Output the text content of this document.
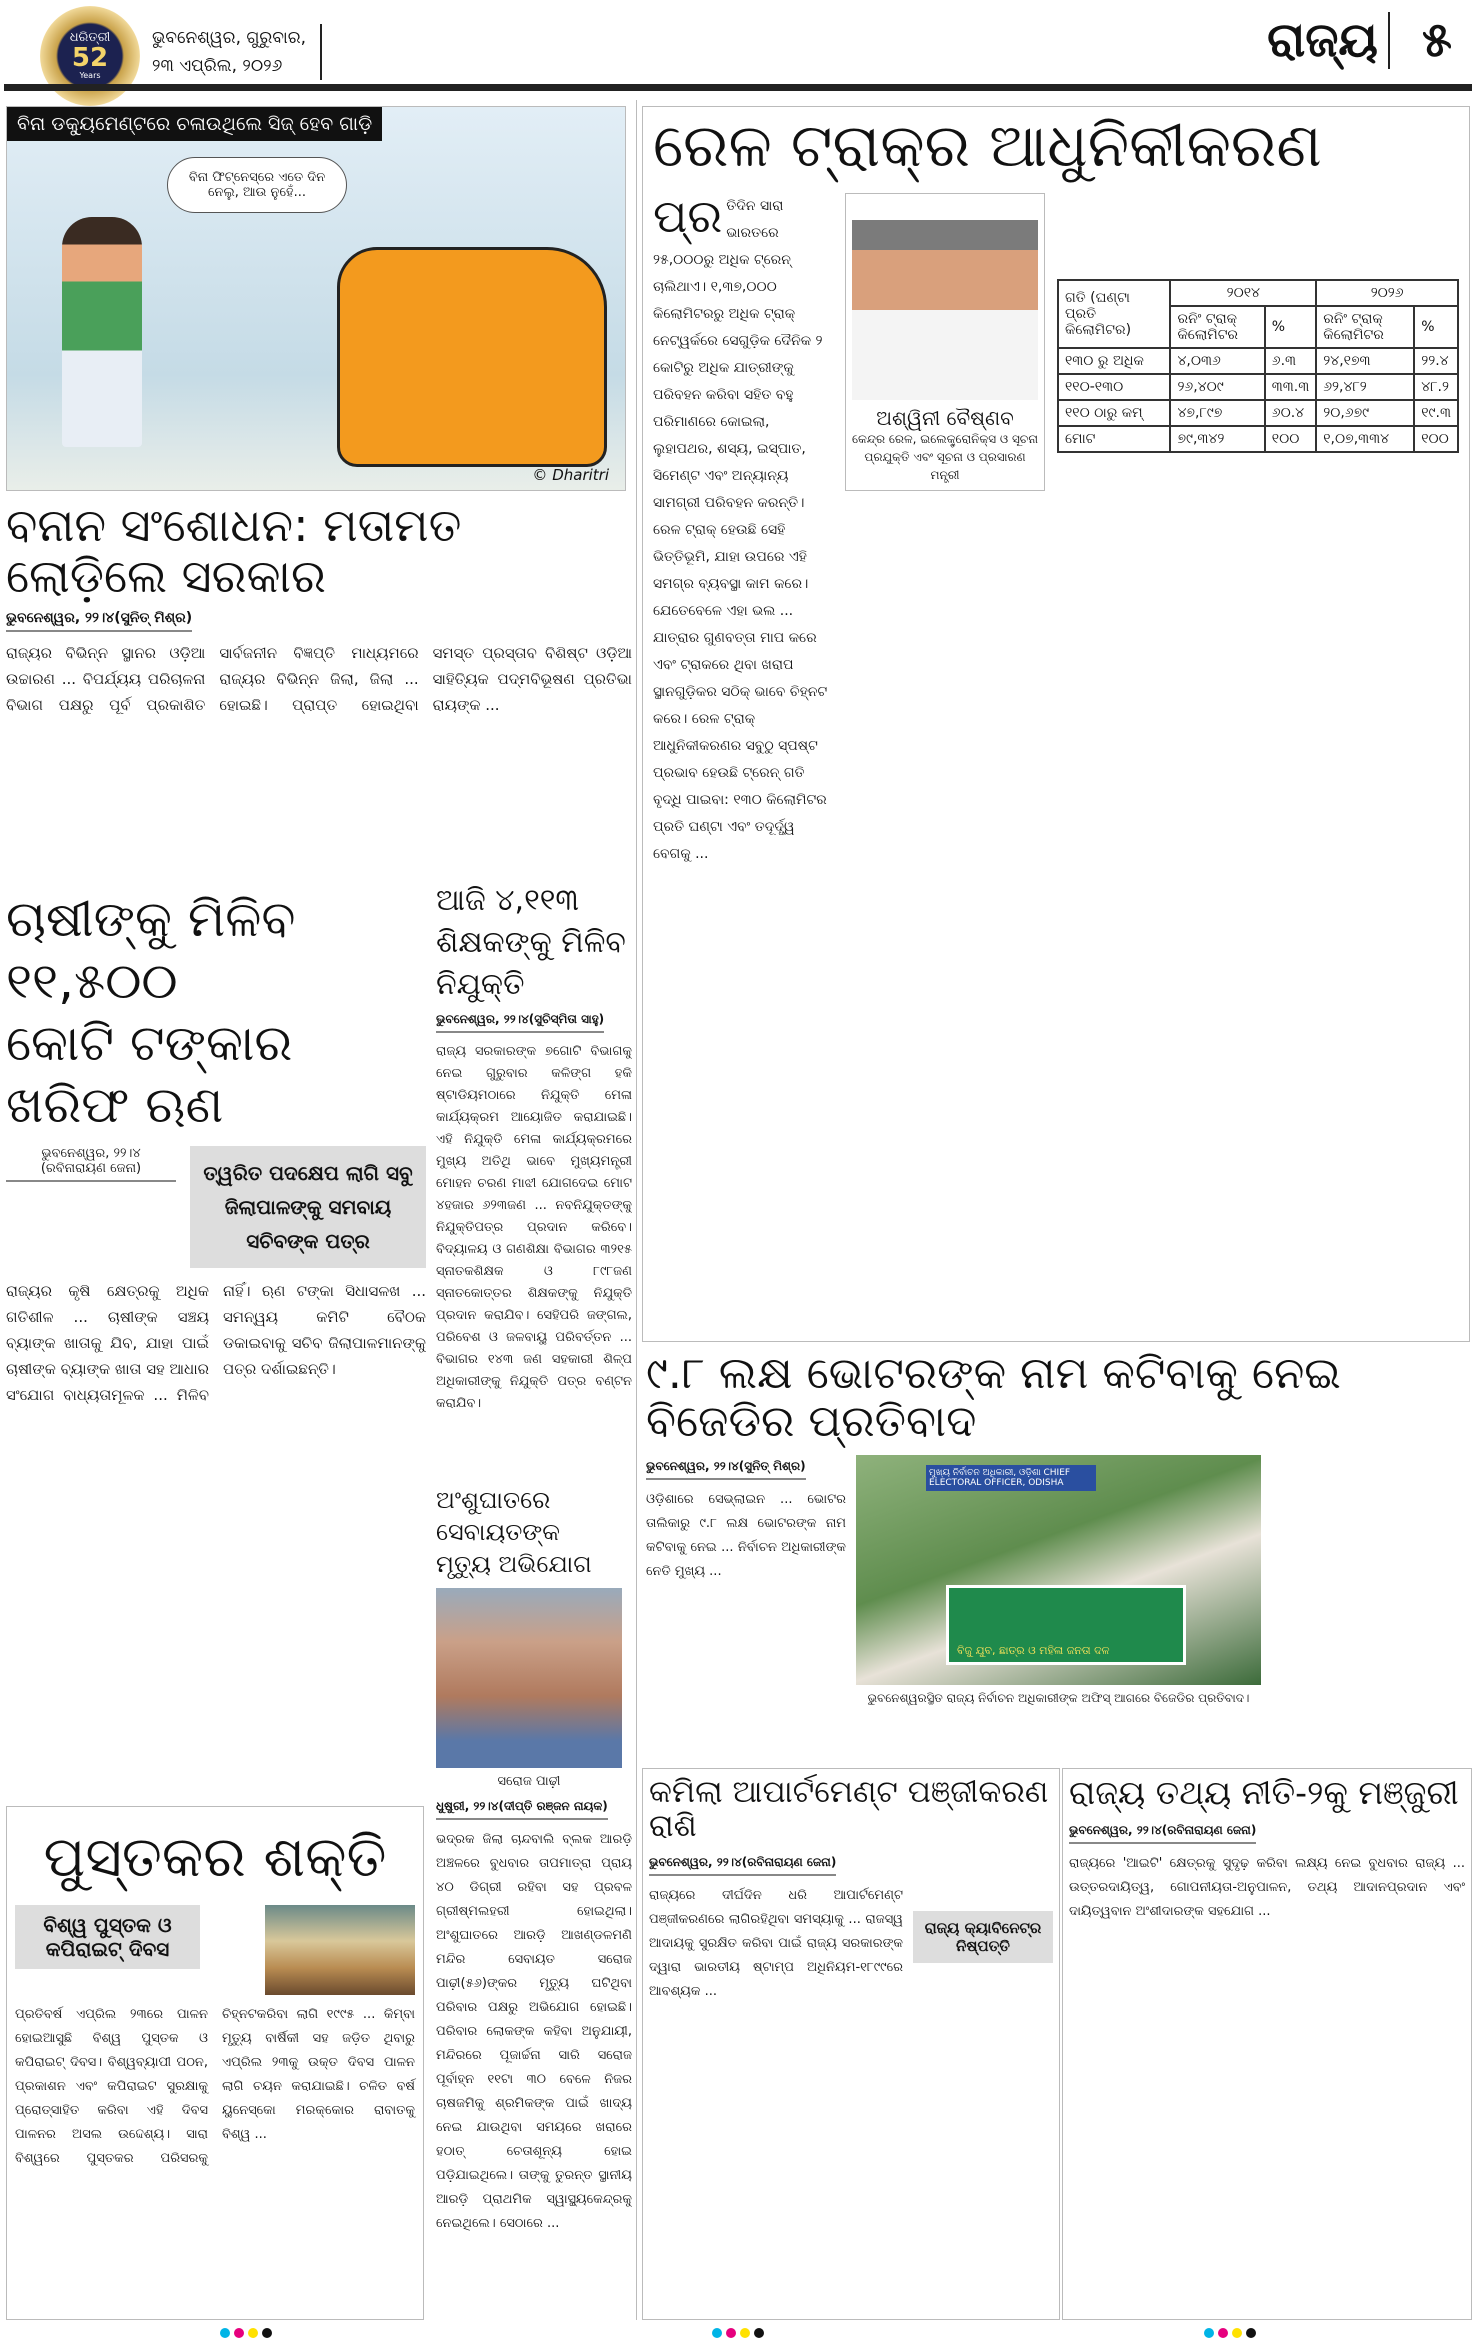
ଧରିତ୍ରୀ
52
Years
ଭୁବନେଶ୍ୱର, ଗୁରୁବାର,
୨୩ ଏପ୍ରିଲ, ୨୦୨୬	ରାଜ୍ୟ ୫
ବିନା ଡକ୍ୟୁମେଣ୍ଟରେ ଚଳାଉଥିଲେ ସିଜ୍ ହେବ ଗାଡ଼ି
ବିନା ଫିଟ୍‌ନେସ୍‌ରେ ଏତେ ଦିନ ନେଲୁ, ଆଉ ନୁହେଁ...
© Dharitri
ବନାନ ସଂଶୋଧନ: ମତାମତ ଲୋଡ଼ିଲେ ସରକାର
ଭୁବନେଶ୍ୱର, ୨୨।୪(ସୁନିତ୍ ମିଶ୍ର)
ରାଜ୍ୟର ବିଭିନ୍ନ ସ୍ଥାନର ଓଡ଼ିଆ ଉଚ୍ଚାରଣ ... ବିପର୍ଯ୍ୟୟ ପରିଚାଳନା ବିଭାଗ ପକ୍ଷରୁ ପୂର୍ବ ପ୍ରକାଶିତ ସାର୍ବଜନୀନ ବିଜ୍ଞପ୍ତି ମାଧ୍ୟମରେ ରାଜ୍ୟର ବିଭିନ୍ନ ଜିଲା, ଜିଲା ... ହୋଇଛି। ପ୍ରାପ୍ତ ହୋଇଥିବା ସମସ୍ତ ପ୍ରସ୍ତାବ ବିଶିଷ୍ଟ ଓଡ଼ିଆ ସାହିତ୍ୟିକ ପଦ୍ମବିଭୂଷଣ ପ୍ରତିଭା ରାୟଙ୍କ ...
ଚାଷୀଙ୍କୁ ମିଳିବ ୧୧,୫୦୦
କୋଟି ଟଙ୍କାର ଖରିଫ ଋଣ
ଭୁବନେଶ୍ୱର, ୨୨।୪
(ରବିନାରାୟଣ ଜେନା)	ତ୍ୱରିତ ପଦକ୍ଷେପ ଲାଗି ସବୁ ଜିଲାପାଳଙ୍କୁ ସମବାୟ ସଚିବଙ୍କ ପତ୍ର
ରାଜ୍ୟର କୃଷି କ୍ଷେତ୍ରକୁ ଅଧିକ ଗତିଶୀଳ ... ଚାଷୀଙ୍କ ସଞ୍ଚୟ ବ୍ୟାଙ୍କ ଖାତାକୁ ଯିବ, ଯାହା ପାଇଁ ଚାଷୀଙ୍କ ବ୍ୟାଙ୍କ ଖାତା ସହ ଆଧାର ସଂଯୋଗ ବାଧ୍ୟତାମୂଳକ ... ମିଳିବ ନାହିଁ। ଋଣ ଟଙ୍କା ସିଧାସଳଖ ... ସମନ୍ୱୟ କମିଟି ବୈଠକ ଡକାଇବାକୁ ସଚିବ ଜିଲାପାଳମାନଙ୍କୁ ପତ୍ର ଦର୍ଶାଇଛନ୍ତି।
ଆଜି ୪,୧୧୩
ଶିକ୍ଷକଙ୍କୁ ମିଳିବ ନିଯୁକ୍ତି
ଭୁବନେଶ୍ୱର, ୨୨।୪(ସୁଚିସ୍ମିତା ସାହୁ)
ରାଜ୍ୟ ସରକାରଙ୍କ ୭ଗୋଟି ବିଭାଗକୁ ନେଇ ଗୁରୁବାର କଳିଙ୍ଗ ହକି ଷ୍ଟାଡିୟମଠାରେ ନିଯୁକ୍ତି ମେଳା କାର୍ଯ୍ୟକ୍ରମ ଆୟୋଜିତ କରାଯାଇଛି। ଏହି ନିଯୁକ୍ତି ମେଳା କାର୍ଯ୍ୟକ୍ରମରେ ମୁଖ୍ୟ ଅତିଥି ଭାବେ ମୁଖ୍ୟମନ୍ତ୍ରୀ ମୋହନ ଚରଣ ମାଝୀ ଯୋଗଦେଇ ମୋଟ ୪ହଜାର ୬୨୩ଜଣ ... ନବନିଯୁକ୍ତଙ୍କୁ ନିଯୁକ୍ତିପତ୍ର ପ୍ରଦାନ କରିବେ। ବିଦ୍ୟାଳୟ ଓ ଗଣଶିକ୍ଷା ବିଭାଗର ୩୨୧୫ ସ୍ନାତକଶିକ୍ଷକ ଓ ୮୯୮ଜଣ ସ୍ନାତକୋତ୍ତର ଶିକ୍ଷକଙ୍କୁ ନିଯୁକ୍ତି ପ୍ରଦାନ କରାଯିବ। ସେହିପରି ଜଙ୍ଗଲ, ପରିବେଶ ଓ ଜଳବାୟୁ ପରିବର୍ତ୍ତନ ... ବିଭାଗର ୧୪୩ ଜଣ ସହକାରୀ ଶିଳ୍ପ ଅଧିକାରୀଙ୍କୁ ନିଯୁକ୍ତି ପତ୍ର ବଣ୍ଟନ କରାଯିବ।
ଅଂଶୁଘାତରେ ସେବାୟତଙ୍କ
ମୃତ୍ୟୁ ଅଭିଯୋଗ
ସରୋଜ ପାଢ଼ୀ
ଧୁଷୁରୀ, ୨୨।୪(ଦୀପ୍ତି ରଞ୍ଜନ ନାୟକ)
ଭଦ୍ରକ ଜିଲା ଚାନ୍ଦବାଲି ବ୍ଲକ ଆରଡ଼ି ଅଞ୍ଚଳରେ ବୁଧବାର ତାପମାତ୍ରା ପ୍ରାୟ ୪୦ ଡିଗ୍ରୀ ରହିବା ସହ ପ୍ରବଳ ଗ୍ରୀଷ୍ମଲହରୀ ହୋଇଥିଲା। ଅଂଶୁଘାତରେ ଆରଡ଼ି ଆଖଣ୍ଡଳମଣି ମନ୍ଦିର ସେବାୟତ ସରୋଜ ପାଢ଼ୀ(୫୬)ଙ୍କର ମୃତ୍ୟୁ ଘଟିଥିବା ପରିବାର ପକ୍ଷରୁ ଅଭିଯୋଗ ହୋଇଛି। ପରିବାର ଲୋକଙ୍କ କହିବା ଅନୁଯାୟୀ, ମନ୍ଦିରରେ ପୂଜାର୍ଚ୍ଚନା ସାରି ସରୋଜ ପୂର୍ବାହ୍ନ ୧୧ଟା ୩୦ ବେଳେ ନିଜର ଚାଷଜମିକୁ ଶ୍ରମିକଙ୍କ ପାଇଁ ଖାଦ୍ୟ ନେଇ ଯାଉଥିବା ସମୟରେ ଖରାରେ ହଠାତ୍ ଚେତାଶୂନ୍ୟ ହୋଇ ପଡ଼ିଯାଇଥିଲେ। ତାଙ୍କୁ ତୁରନ୍ତ ସ୍ଥାନୀୟ ଆରଡ଼ି ପ୍ରାଥମିକ ସ୍ୱାସ୍ଥ୍ୟକେନ୍ଦ୍ରକୁ ନେଇଥିଲେ। ସେଠାରେ ...
ପୁସ୍ତକର ଶକ୍ତି
ବିଶ୍ୱ ପୁସ୍ତକ ଓ କପିରାଇଟ୍ ଦିବସ
ପ୍ରତିବର୍ଷ ଏପ୍ରିଲ ୨୩ରେ ପାଳନ ହୋଇଆସୁଛି ବିଶ୍ୱ ପୁସ୍ତକ ଓ କପିରାଇଟ୍ ଦିବସ। ବିଶ୍ୱବ୍ୟାପୀ ପଠନ, ପ୍ରକାଶନ ଏବଂ କପିରାଇଟ ସୁରକ୍ଷାକୁ ପ୍ରୋତ୍ସାହିତ କରିବା ଏହି ଦିବସ ପାଳନର ଅସଲ ଉଦ୍ଦେଶ୍ୟ। ସାରା ବିଶ୍ୱରେ ପୁସ୍ତକର ପରିସରକୁ ଚିହ୍ନଟକରିବା ଲାଗି ୧୯୯୫ ... କିମ୍ବା ମୃତ୍ୟୁ ବାର୍ଷିକୀ ସହ ଜଡ଼ିତ ଥିବାରୁ ଏପ୍ରିଲ ୨୩କୁ ଉକ୍ତ ଦିବସ ପାଳନ ଲାଗି ଚୟନ କରାଯାଇଛି। ଚଳିତ ବର୍ଷ ୟୁନେସ୍କୋ ମରକ୍କୋର ରାବାତକୁ ବିଶ୍ୱ ...
ରେଳ ଟ୍ରାକ୍‌ର ଆଧୁନିକୀକରଣ
ପ୍ର ତିଦିନ ସାରା ଭାରତରେ ୨୫,୦୦୦ରୁ ଅଧିକ ଟ୍ରେନ୍ ଚାଲିଥାଏ। ୧,୩୭,୦୦୦ କିଲୋମିଟରରୁ ଅଧିକ ଟ୍ରାକ୍ ନେଟ୍‌ୱର୍କରେ ସେଗୁଡ଼ିକ ଦୈନିକ ୨ କୋଟିରୁ ଅଧିକ ଯାତ୍ରୀଙ୍କୁ ପରିବହନ କରିବା ସହିତ ବହୁ ପରିମାଣରେ କୋଇଲା, ଲୁହାପଥର, ଶସ୍ୟ, ଇସ୍ପାତ, ସିମେଣ୍ଟ ଏବଂ ଅନ୍ୟାନ୍ୟ ସାମଗ୍ରୀ ପରିବହନ କରନ୍ତି। ରେଳ ଟ୍ରାକ୍ ହେଉଛି ସେହି ଭିତ୍ତିଭୂମି, ଯାହା ଉପରେ ଏହି ସମଗ୍ର ବ୍ୟବସ୍ଥା କାମ କରେ। ଯେତେବେଳେ ଏହା ଭଲ ... ଯାତ୍ରାର ଗୁଣବତ୍ତା ମାପ କରେ ଏବଂ ଟ୍ରାକରେ ଥିବା ଖରାପ ସ୍ଥାନଗୁଡ଼ିକର ସଠିକ୍ ଭାବେ ଚିହ୍ନଟ କରେ। ରେଳ ଟ୍ରାକ୍ ଆଧୁନିକୀକରଣର ସବୁଠୁ ସ୍ପଷ୍ଟ ପ୍ରଭାବ ହେଉଛି ଟ୍ରେନ୍ ଗତି ବୃଦ୍ଧି ପାଇବା: ୧୩୦ କିଲୋମିଟର ପ୍ରତି ଘଣ୍ଟା ଏବଂ ତଦୂର୍ଦ୍ଧ୍ୱ ବେଗକୁ ...
ଅଶ୍ୱିନୀ ବୈଷ୍ଣବ
କେନ୍ଦ୍ର ରେଳ, ଇଲେକ୍ଟ୍ରୋନିକ୍ସ ଓ ସୂଚନା ପ୍ରଯୁକ୍ତି ଏବଂ ସୂଚନା ଓ ପ୍ରସାରଣ ମନ୍ତ୍ରୀ
ଗତି (ଘଣ୍ଟା ପ୍ରତି କିଲୋମିଟର)	୨୦୧୪		୨୦୨୬	
	ରନିଂ ଟ୍ରାକ୍ କିଲୋମିଟର	%	ରନିଂ ଟ୍ରାକ୍ କିଲୋମିଟର	%
୧୩୦ ରୁ ଅଧିକ	୪,୦୩୬	୬.୩	୨୪,୧୭୩	୨୨.୪
୧୧୦-୧୩୦	୨୬,୪୦୯	୩୩.୩	୬୨,୪୮୨	୪୮.୨
୧୧୦ ଠାରୁ କମ୍	୪୭,୮୯୭	୬୦.୪	୨୦,୬୭୯	୧୯.୩
ମୋଟ	୭୯,୩୪୨	୧୦୦	୧,୦୭,୩୩୪	୧୦୦
୯.୮ ଲକ୍ଷ ଭୋଟରଙ୍କ ନାମ କଟିବାକୁ ନେଇ ବିଜେଡିର ପ୍ରତିବାଦ
ଭୁବନେଶ୍ୱର, ୨୨।୪(ସୁନିତ୍ ମିଶ୍ର)
ଓଡ଼ିଶାରେ ସେଭ୍ଲାଇନ ... ଭୋଟର ତାଲିକାରୁ ୯.୮ ଲକ୍ଷ ଭୋଟରଙ୍କ ନାମ କଟିବାକୁ ନେଇ ... ନିର୍ବାଚନ ଅଧିକାରୀଙ୍କ ନେତି ମୁଖ୍ୟ ...
ମୁଖ୍ୟ ନିର୍ବାଚନ ଅଧିକାରୀ, ଓଡ଼ିଶା CHIEF ELECTORAL OFFICER, ODISHA
ବିଜୁ ଯୁବ, ଛାତ୍ର ଓ ମହିଳା ଜନତା ଦଳ
ଭୁବନେଶ୍ୱରସ୍ଥିତ ରାଜ୍ୟ ନିର୍ବାଚନ ଅଧିକାରୀଙ୍କ ଅଫିସ୍ ଆଗରେ ବିଜେଡିର ପ୍ରତିବାଦ।
କମିଲା ଆପାର୍ଟମେଣ୍ଟ ପଞ୍ଜୀକରଣ ରାଶି
ଭୁବନେଶ୍ୱର, ୨୨।୪(ରବିନାରାୟଣ ଜେନା)
ରାଜ୍ୟ କ୍ୟାବିନେଟ୍‌ର ନିଷ୍ପତ୍ତି
ରାଜ୍ୟରେ ଦୀର୍ଘଦିନ ଧରି ଆପାର୍ଟମେଣ୍ଟ ପଞ୍ଜୀକରଣରେ ଲାଗିରହିଥିବା ସମସ୍ୟାକୁ ... ରାଜସ୍ୱ ଆଦାୟକୁ ସୁରକ୍ଷିତ କରିବା ପାଇଁ ରାଜ୍ୟ ସରକାରଙ୍କ ଦ୍ୱାରା ଭାରତୀୟ ଷ୍ଟାମ୍ପ ଅଧିନିୟମ-୧୮୯୯ରେ ଆବଶ୍ୟକ ...
ରାଜ୍ୟ ତଥ୍ୟ ନୀତି-୨କୁ ମଞ୍ଜୁରୀ
ଭୁବନେଶ୍ୱର, ୨୨।୪(ରବିନାରାୟଣ ଜେନା)
ରାଜ୍ୟରେ 'ଆଇଟି' କ୍ଷେତ୍ରକୁ ସୁଦୃଢ଼ କରିବା ଲକ୍ଷ୍ୟ ନେଇ ବୁଧବାର ରାଜ୍ୟ ... ଉତ୍ତରଦାୟିତ୍ୱ, ଗୋପନୀୟତା-ଅନୁପାଳନ, ତଥ୍ୟ ଆଦାନପ୍ରଦାନ ଏବଂ ଦାୟିତ୍ୱବାନ ଅଂଶୀଦାରଙ୍କ ସହଯୋଗ ...
